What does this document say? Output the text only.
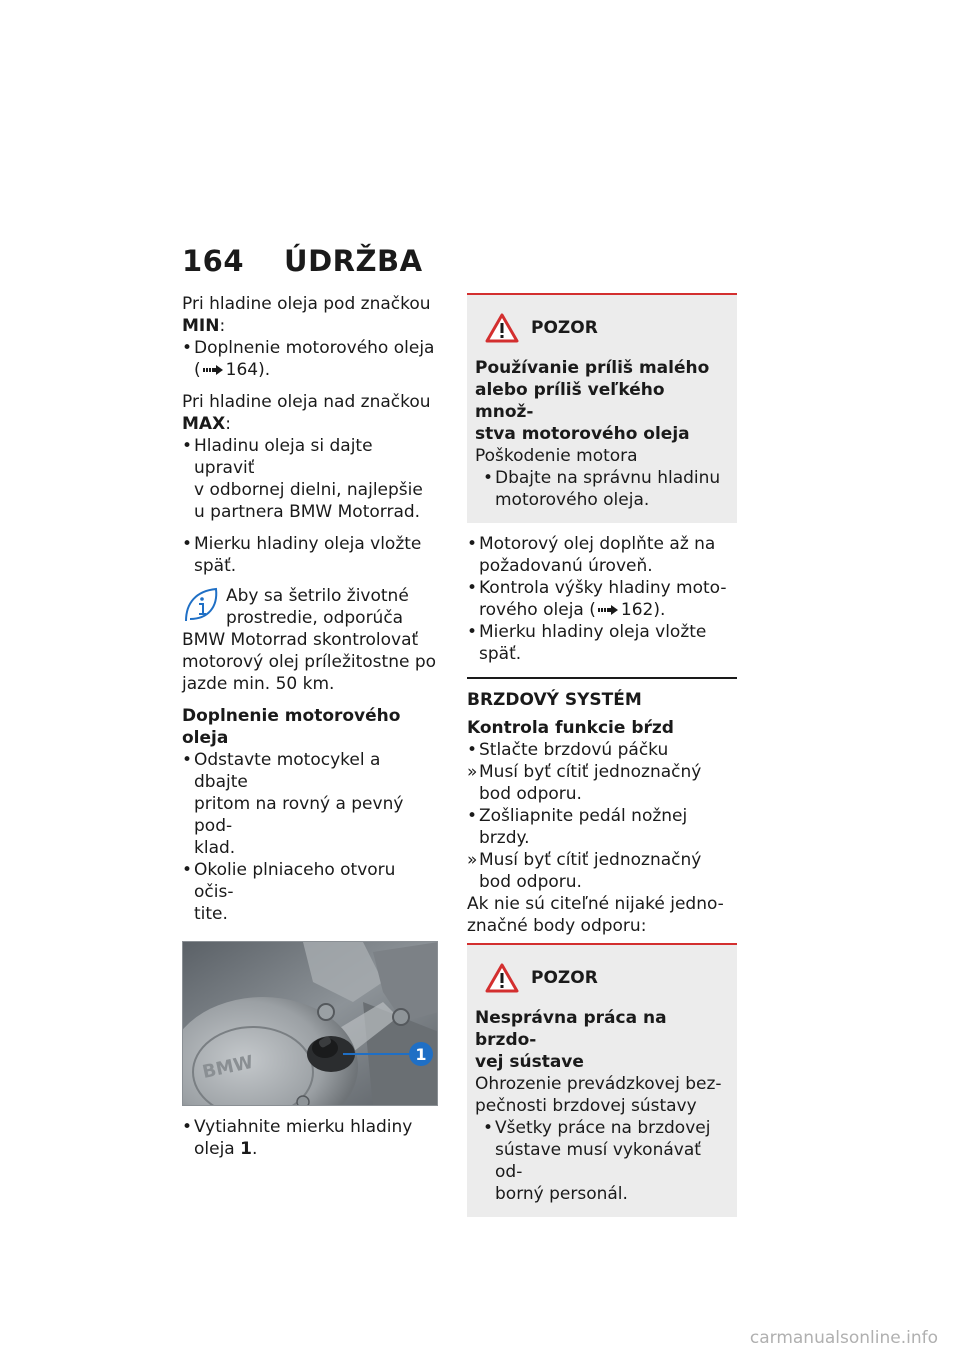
164 ÚDRŽBA
Pri hladine oleja pod značkou
MIN:
• Doplnenie motorového oleja
( 164).
Pri hladine oleja nad značkou
MAX:
• Hladinu oleja si dajte upraviť
v odbornej dielni, najlepšie
u partnera BMW Motorrad.
• Mierku hladiny oleja vložte
späť.
Aby sa šetrilo životné
prostredie, odporúča
BMW Motorrad skontrolovať
motorový olej príležitostne po
jazde min. 50 km.
Doplnenie motorového oleja
• Odstavte motocykel a dbajte
pritom na rovný a pevný pod-
klad.
• Okolie plniaceho otvoru očis-
tite.
BMW	1
• Vytiahnite mierku hladiny
oleja 1.
POZOR
Používanie príliš malého
alebo príliš veľkého množ-
stva motorového oleja
Poškodenie motora
• Dbajte na správnu hladinu
motorového oleja.
• Motorový olej doplňte až na
požadovanú úroveň.
• Kontrola výšky hladiny moto-
rového oleja ( 162).
• Mierku hladiny oleja vložte
späť.
BRZDOVÝ SYSTÉM
Kontrola funkcie bŕzd
• Stlačte brzdovú páčku
» Musí byť cítiť jednoznačný
bod odporu.
• Zošliapnite pedál nožnej
brzdy.
» Musí byť cítiť jednoznačný
bod odporu.
Ak nie sú citeľné nijaké jedno-
značné body odporu:
POZOR
Nesprávna práca na brzdo-
vej sústave
Ohrozenie prevádzkovej bez-
pečnosti brzdovej sústavy
• Všetky práce na brzdovej
sústave musí vykonávať od-
borný personál.
carmanualsonline.info
